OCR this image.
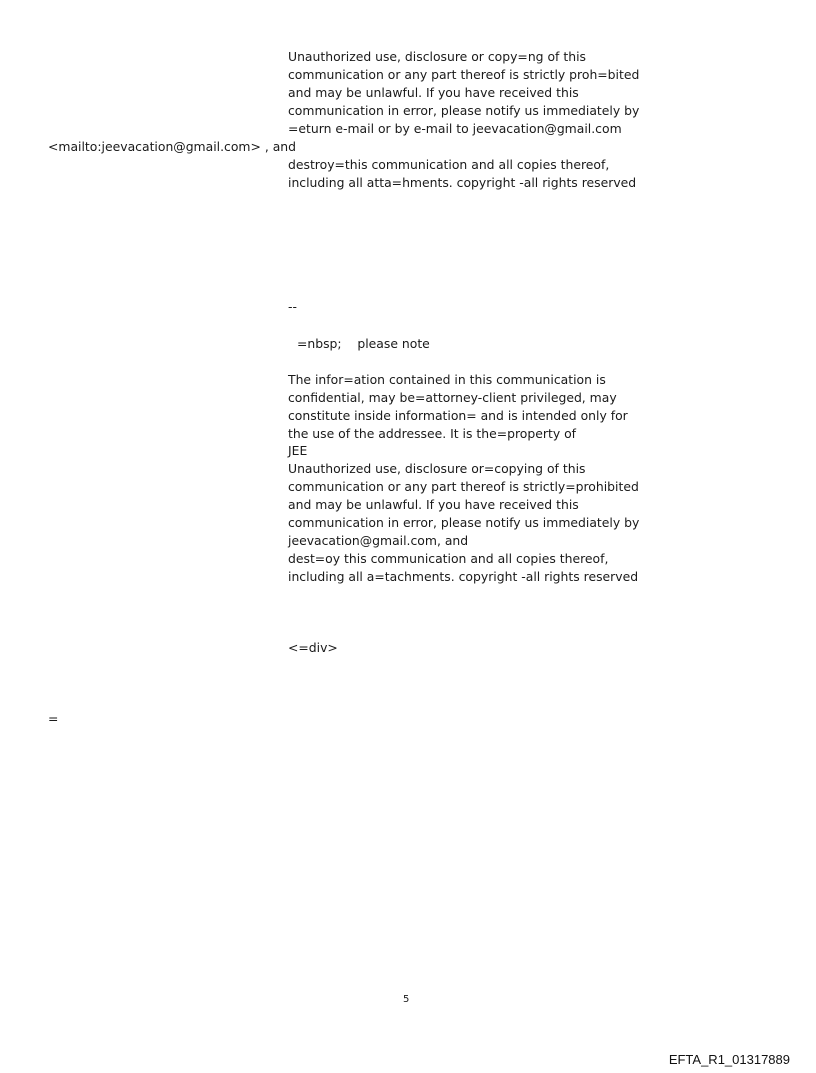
Unauthorized use, disclosure or copy=ng of this
communication or any part thereof is strictly proh=bited
and may be unlawful. If you have received this
communication in error, please notify us immediately by
=eturn e-mail or by e-mail to jeevacation@gmail.com
<mailto:jeevacation@gmail.com> , and
destroy=this communication and all copies thereof,
including all atta=hments. copyright -all rights reserved
--
=nbsp;    please note
The infor=ation contained in this communication is
confidential, may be=attorney-client privileged, may
constitute inside information= and is intended only for
the use of the addressee. It is the=property of
JEE
Unauthorized use, disclosure or=copying of this
communication or any part thereof is strictly=prohibited
and may be unlawful. If you have received this
communication in error, please notify us immediately by
jeevacation@gmail.com, and
dest=oy this communication and all copies thereof,
including all a=tachments. copyright -all rights reserved
<=div>
=
5
EFTA_R1_01317889
